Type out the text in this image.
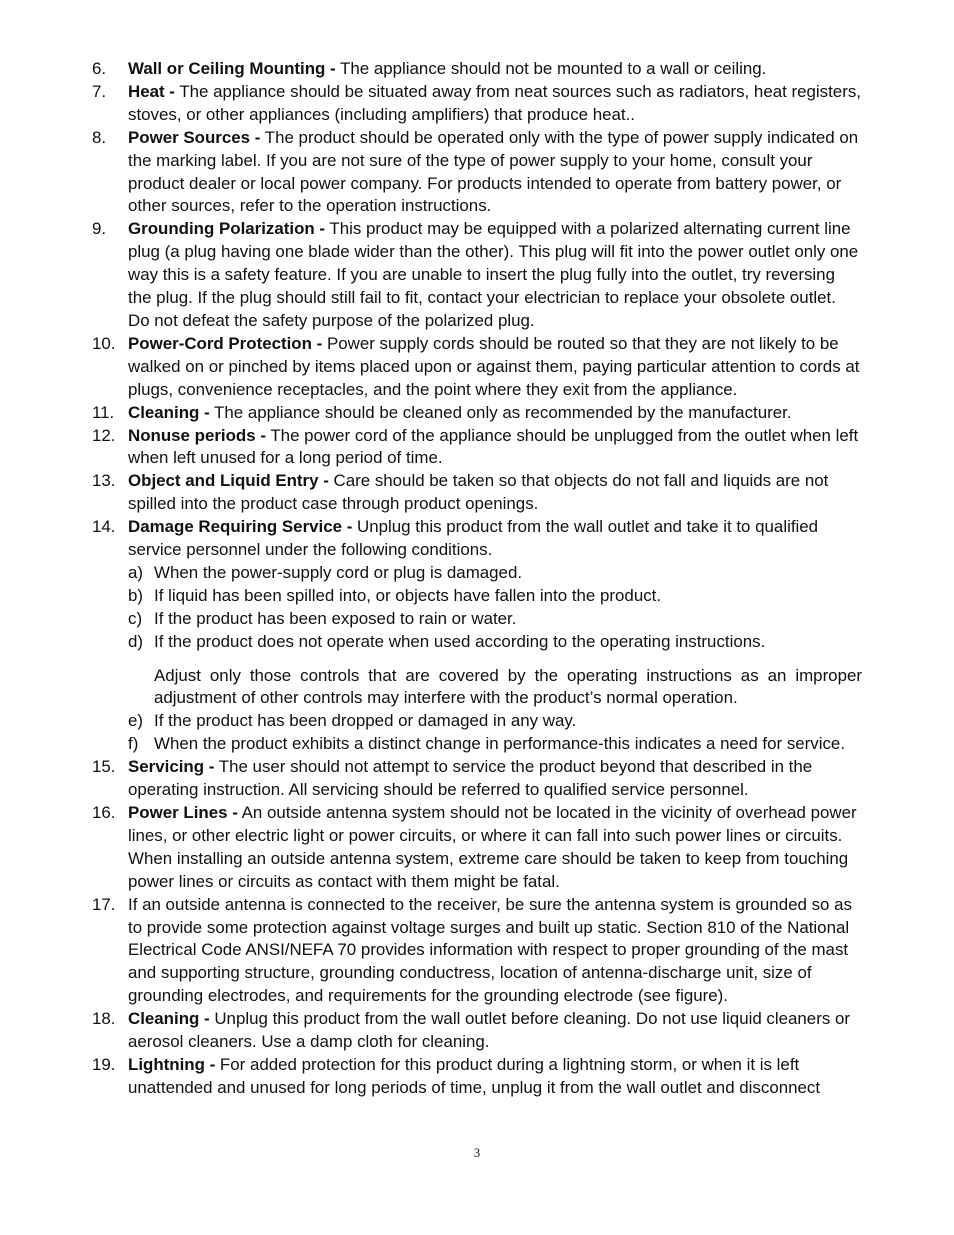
6. Wall or Ceiling Mounting - The appliance should not be mounted to a wall or ceiling.
7. Heat - The appliance should be situated away from neat sources such as radiators, heat registers, stoves, or other appliances (including amplifiers) that produce heat..
8. Power Sources - The product should be operated only with the type of power supply indicated on the marking label. If you are not sure of the type of power supply to your home, consult your product dealer or local power company. For products intended to operate from battery power, or other sources, refer to the operation instructions.
9. Grounding Polarization - This product may be equipped with a polarized alternating current line plug (a plug having one blade wider than the other). This plug will fit into the power outlet only one way this is a safety feature. If you are unable to insert the plug fully into the outlet, try reversing the plug. If the plug should still fail to fit, contact your electrician to replace your obsolete outlet. Do not defeat the safety purpose of the polarized plug.
10. Power-Cord Protection - Power supply cords should be routed so that they are not likely to be walked on or pinched by items placed upon or against them, paying particular attention to cords at plugs, convenience receptacles, and the point where they exit from the appliance.
11. Cleaning - The appliance should be cleaned only as recommended by the manufacturer.
12. Nonuse periods - The power cord of the appliance should be unplugged from the outlet when left when left unused for a long period of time.
13. Object and Liquid Entry - Care should be taken so that objects do not fall and liquids are not spilled into the product case through product openings.
14. Damage Requiring Service - Unplug this product from the wall outlet and take it to qualified service personnel under the following conditions.
a) When the power-supply cord or plug is damaged.
b) If liquid has been spilled into, or objects have fallen into the product.
c) If the product has been exposed to rain or water.
d) If the product does not operate when used according to the operating instructions.
Adjust only those controls that are covered by the operating instructions as an improper adjustment of other controls may interfere with the product’s normal operation.
e) If the product has been dropped or damaged in any way.
f) When the product exhibits a distinct change in performance-this indicates a need for service.
15. Servicing - The user should not attempt to service the product beyond that described in the operating instruction. All servicing should be referred to qualified service personnel.
16. Power Lines - An outside antenna system should not be located in the vicinity of overhead power lines, or other electric light or power circuits, or where it can fall into such power lines or circuits. When installing an outside antenna system, extreme care should be taken to keep from touching power lines or circuits as contact with them might be fatal.
17. If an outside antenna is connected to the receiver, be sure the antenna system is grounded so as to provide some protection against voltage surges and built up static. Section 810 of the National Electrical Code ANSI/NEFA 70 provides information with respect to proper grounding of the mast and supporting structure, grounding conductress, location of antenna-discharge unit, size of grounding electrodes, and requirements for the grounding electrode (see figure).
18. Cleaning - Unplug this product from the wall outlet before cleaning. Do not use liquid cleaners or aerosol cleaners. Use a damp cloth for cleaning.
19. Lightning - For added protection for this product during a lightning storm, or when it is left unattended and unused for long periods of time, unplug it from the wall outlet and disconnect
3
